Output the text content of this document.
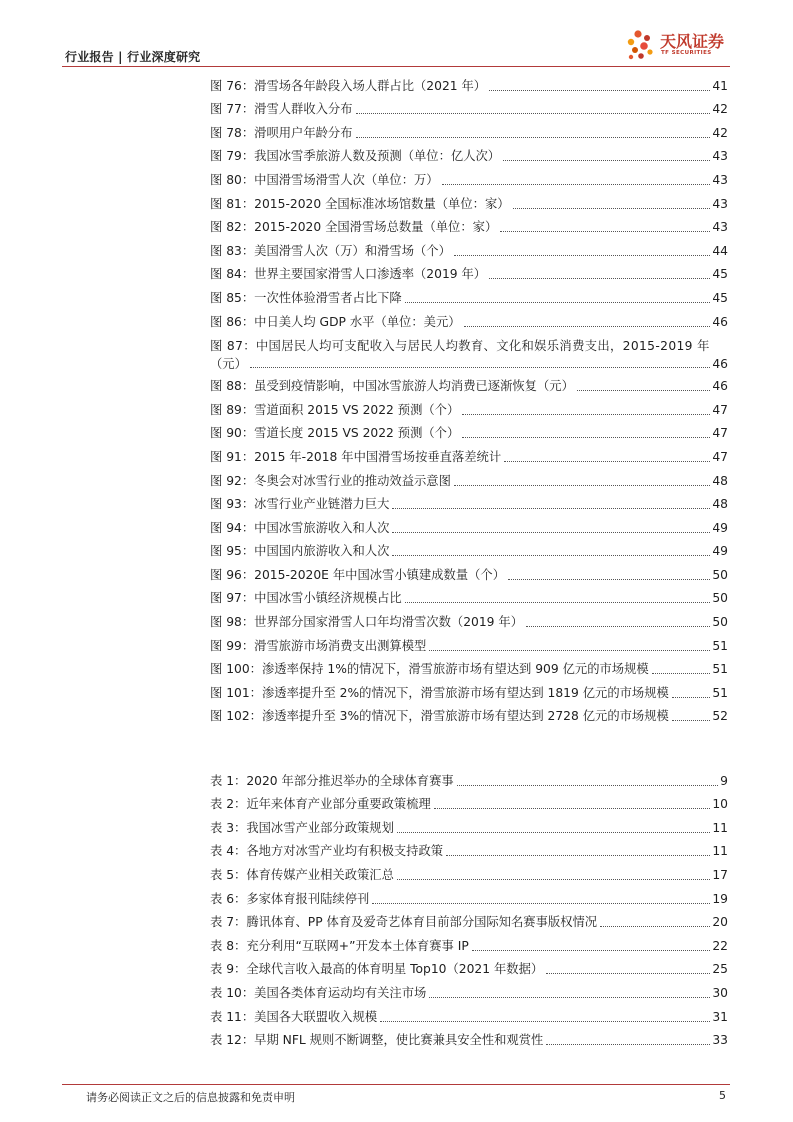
行业报告 | 行业深度研究
天风证券
TF SECURITIES
图 76：滑雪场各年龄段入场人群占比（2021 年）	41
图 77：滑雪人群收入分布	42
图 78：滑呗用户年龄分布	42
图 79：我国冰雪季旅游人数及预测（单位：亿人次）	43
图 80：中国滑雪场滑雪人次（单位：万）	43
图 81：2015-2020 全国标准冰场馆数量（单位：家）	43
图 82：2015-2020 全国滑雪场总数量（单位：家）	43
图 83：美国滑雪人次（万）和滑雪场（个）	44
图 84：世界主要国家滑雪人口渗透率（2019 年）	45
图 85：一次性体验滑雪者占比下降	45
图 86：中日美人均 GDP 水平（单位：美元）	46
图 87：中国居民人均可支配收入与居民人均教育、文化和娱乐消费支出，2015-2019 年
（元）	46
图 88：虽受到疫情影响，中国冰雪旅游人均消费已逐渐恢复（元）	46
图 89：雪道面积 2015 VS 2022 预测（个）	47
图 90：雪道长度 2015 VS 2022 预测（个）	47
图 91：2015 年-2018 年中国滑雪场按垂直落差统计	47
图 92：冬奥会对冰雪行业的推动效益示意图	48
图 93：冰雪行业产业链潜力巨大	48
图 94：中国冰雪旅游收入和人次	49
图 95：中国国内旅游收入和人次	49
图 96：2015-2020E 年中国冰雪小镇建成数量（个）	50
图 97：中国冰雪小镇经济规模占比	50
图 98：世界部分国家滑雪人口年均滑雪次数（2019 年）	50
图 99：滑雪旅游市场消费支出测算模型	51
图 100：渗透率保持 1%的情况下，滑雪旅游市场有望达到 909 亿元的市场规模	51
图 101：渗透率提升至 2%的情况下，滑雪旅游市场有望达到 1819 亿元的市场规模	51
图 102：渗透率提升至 3%的情况下，滑雪旅游市场有望达到 2728 亿元的市场规模	52
表 1：2020 年部分推迟举办的全球体育赛事	9
表 2：近年来体育产业部分重要政策梳理	10
表 3：我国冰雪产业部分政策规划	11
表 4：各地方对冰雪产业均有积极支持政策	11
表 5：体育传媒产业相关政策汇总	17
表 6：多家体育报刊陆续停刊	19
表 7：腾讯体育、PP 体育及爱奇艺体育目前部分国际知名赛事版权情况	20
表 8：充分利用“互联网+”开发本土体育赛事 IP	22
表 9：全球代言收入最高的体育明星 Top10（2021 年数据）	25
表 10：美国各类体育运动均有关注市场	30
表 11：美国各大联盟收入规模	31
表 12：早期 NFL 规则不断调整，使比赛兼具安全性和观赏性	33
请务必阅读正文之后的信息披露和免责申明	5
